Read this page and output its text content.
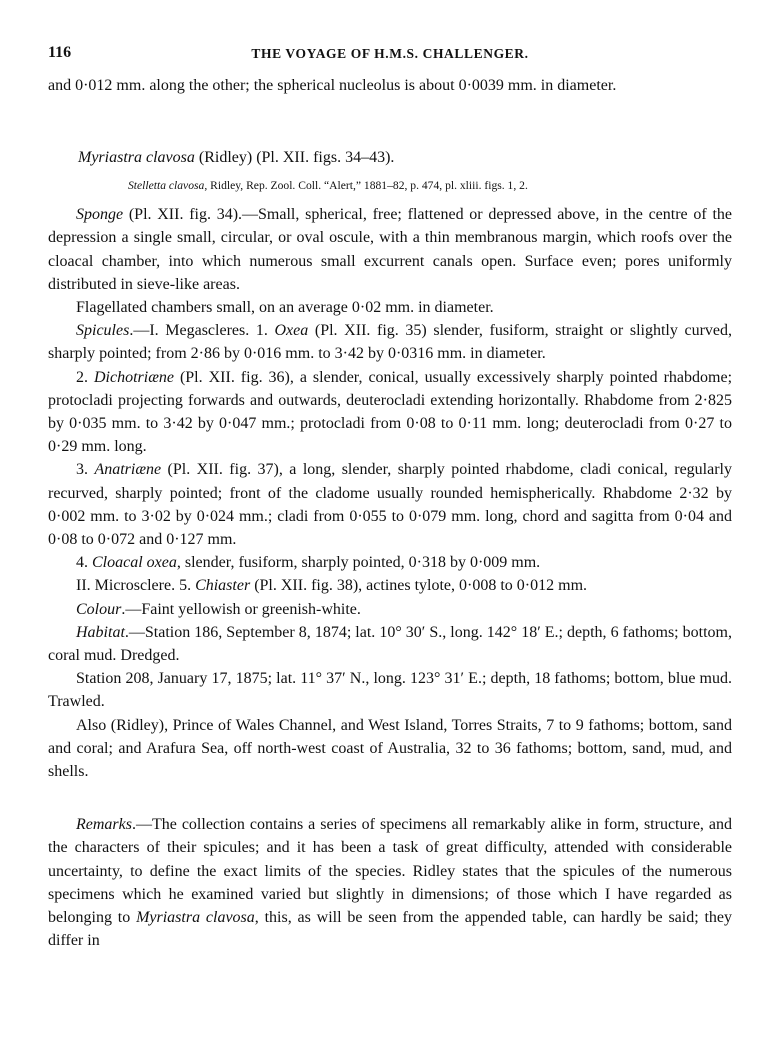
116	THE VOYAGE OF H.M.S. CHALLENGER.

and 0·012 mm. along the other; the spherical nucleolus is about 0·0039 mm. in diameter.

Myriastra clavosa (Ridley) (Pl. XII. figs. 34–43).

Stelletta clavosa, Ridley, Rep. Zool. Coll. “Alert,” 1881–82, p. 474, pl. xliii. figs. 1, 2.

Sponge (Pl. XII. fig. 34).—Small, spherical, free; flattened or depressed above, in the centre of the depression a single small, circular, or oval oscule, with a thin membranous margin, which roofs over the cloacal chamber, into which numerous small excurrent canals open. Surface even; pores uniformly distributed in sieve-like areas.

Flagellated chambers small, on an average 0·02 mm. in diameter.

Spicules.—I. Megascleres. 1. Oxea (Pl. XII. fig. 35) slender, fusiform, straight or slightly curved, sharply pointed; from 2·86 by 0·016 mm. to 3·42 by 0·0316 mm. in diameter.

2. Dichotriæne (Pl. XII. fig. 36), a slender, conical, usually excessively sharply pointed rhabdome; protocladi projecting forwards and outwards, deuterocladi extending horizontally. Rhabdome from 2·825 by 0·035 mm. to 3·42 by 0·047 mm.; protocladi from 0·08 to 0·11 mm. long; deuterocladi from 0·27 to 0·29 mm. long.

3. Anatriæne (Pl. XII. fig. 37), a long, slender, sharply pointed rhabdome, cladi conical, regularly recurved, sharply pointed; front of the cladome usually rounded hemispherically. Rhabdome 2·32 by 0·002 mm. to 3·02 by 0·024 mm.; cladi from 0·055 to 0·079 mm. long, chord and sagitta from 0·04 and 0·08 to 0·072 and 0·127 mm.

4. Cloacal oxea, slender, fusiform, sharply pointed, 0·318 by 0·009 mm.

II. Microsclere. 5. Chiaster (Pl. XII. fig. 38), actines tylote, 0·008 to 0·012 mm.

Colour.—Faint yellowish or greenish-white.

Habitat.—Station 186, September 8, 1874; lat. 10° 30′ S., long. 142° 18′ E.; depth, 6 fathoms; bottom, coral mud. Dredged.

Station 208, January 17, 1875; lat. 11° 37′ N., long. 123° 31′ E.; depth, 18 fathoms; bottom, blue mud. Trawled.

Also (Ridley), Prince of Wales Channel, and West Island, Torres Straits, 7 to 9 fathoms; bottom, sand and coral; and Arafura Sea, off north-west coast of Australia, 32 to 36 fathoms; bottom, sand, mud, and shells.

Remarks.—The collection contains a series of specimens all remarkably alike in form, structure, and the characters of their spicules; and it has been a task of great difficulty, attended with considerable uncertainty, to define the exact limits of the species. Ridley states that the spicules of the numerous specimens which he examined varied but slightly in dimensions; of those which I have regarded as belonging to Myriastra clavosa, this, as will be seen from the appended table, can hardly be said; they differ in
